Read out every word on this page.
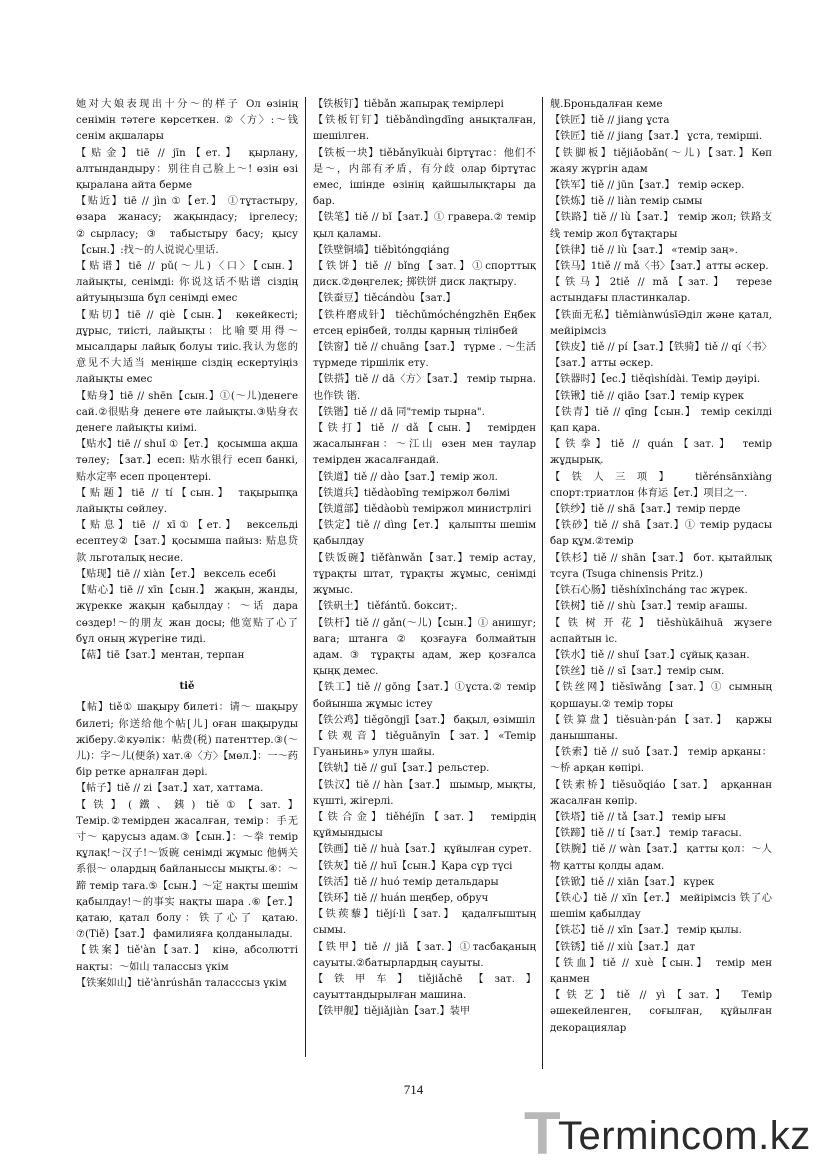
她对大娘表现出十分～的样子 Ол өзінің сенімін тәтеге көрсеткен. ②〈方〉:～钱 сенім ақшалары

【贴金】tiē // jīn【ет.】 қырлану, алтындандыру：别往自己脸上～! өзін өзі қыралана айта берме

【贴近】tiē // jìn ①【ет.】 ①тұтастыру, өзара жанасу; жақындасу; іргелесу; ②сырласу; ③ табыстыру басу; қысу【сын.】:找～的人说说心里话.

【贴谱】tiē // pǔ(～儿)〈口〉【сын.】 лайықты, сенімді: 你说这话不贴谱 сіздің айтуыңызша бұл сенімді емес

【贴切】tiē // qiè【сын.】 көкейкесті; дұрыс, тиісті, лайықты：比喻要用得～ мысалдары лайық болуы тиіс.我认为您的意见不大适当 меніңше сіздің ескертуіңіз лайықты емес

【贴身】tiē // shēn【сын.】①(～儿)денеге сай.②很贴身 денеге өте лайықты.③贴身衣 денеге лайықты киімі.

【贴水】tiē // shuǐ ①【ет.】 қосымша ақша төлеу; 【зат.】есеп: 贴水银行 есеп банкі, 贴水定率 есеп процентері.

【贴题】tiē // tí【сын.】 тақырыпқа лайықты сөйлеу.

【贴息】tiē // xī①【ет.】 вексельді есептеу②【зат.】қосымша пайыз: 贴息贷款 льготалық несие.

【贴现】tiē // xiàn【ет.】 вексель есебі

【贴心】tiē // xīn【сын.】 жақын, жанды, жүрекке жақын қабылдау：～话 дара сөздер!～的朋友 жан досы; 他宽贴了心了 бұл оның жүрегіне тиді.

【萜】tiē【зат.】ментан, терпан

tiě

【帖】tiě① шақыру билеті：请～ шақыру билеті; 你送给他个帖[儿] оған шақыруды жіберу.②куәлік：帖费(税) патенттер.③(～儿)：字～儿(便条) хат.④〈方〉【мөл.】：一～药 бір ретке арналған дәрі.

【帖子】tiě // zi【зат.】хат, хаттама.

【铁】(鐵、銕) tiě①【зат.】 Темір.②темірден жасалған, темір：手无寸～ қарусыз адам.③【сын.】：～拳 темір құлақ!～汉子!～饭碗 сенімді жұмыс 他俩关系很～ олардың байланыссы мықты.④：～蹄 темір таға.⑤【сын.】～定 нақты шешім қабылдау!～的事实 нақты шара .⑥【ет.】қатаю, қатал болу：铁了心了 қатаю. ⑦(Tiě)【зат.】 фамилияға қолданылады.

【铁案】tiě'àn【зат.】 кінә, абсолютті нақты：～如山 талассыз үкім

【铁案如山】tiě'ànrúshān таласссыз үкім

【铁板钉】tiěbǎn жапырақ темірлері

【铁板钉钉】tiěbǎndìngdīng анықталған, шешілген.

【铁板一块】tiěbǎnyīkuài біртұтас：他们不是～，内部有矛盾，有分歧 олар біртұтас емес, ішінде өзінің қайшылықтары да бар.

【铁笔】tiě // bǐ【зат.】① гравера.② темір қыл қаламы.

【铁壁铜墙】tiěbìtóngqiáng

【铁饼】tiě // bǐng【зат.】①спорттық диск.②дөңгелек; 掷铁饼 диск лақтыру.

【铁蚕豆】tiěcándòu【зат.】

【铁杵磨成针】 tiěchǔmóchéngzhēn Еңбек етсең ерінбей, толды қарның тілінбей

【铁窗】tiě // chuāng【зат.】 түрме . ～生活 түрмеде тіршілік ету.

【铁搭】tiě // dā〈方〉【зат.】 темір тырна.也作铁 锴.

【铁锴】tiě // dā 同"темір тырна".

【铁打】tiě // dǎ【сын.】 темірден жасалынған：～江山 өзен мен таулар темірден жасалғандай.

【铁道】tiě // dào【зат.】темір жол.

【铁道兵】tiědàobīng теміржол бөлімі

【铁道部】tiědàobù теміржол министрлігі

【铁定】tiě // dìng【ет.】 қалыпты шешім қабылдау

【铁饭碗】tiěfànwǎn【зат.】темір астау, тұрақты штат, тұрақты жұмыс, сенімді жұмыс.

【铁矾土】 tiěfántǔ. боксит;.

【铁杆】tiě // gǎn(～儿)【сын.】① анишуг; вага; штанга ② қозғауға болмайтын адам. ③ тұрақты адам, жер қозғалса қыңқ демес.

【铁工】tiě // gōng【зат.】①ұста.② темір бойынша жұмыс істеу

【铁公鸡】tiěgōngjī【зат.】 бақыл, өзімшіл

【铁观音】tiěguānyīn【зат.】«Temір Гуаньинь» улун шайы.

【铁轨】tiě // guǐ【зат.】рельстер.

【铁汉】tiě // hàn【зат.】 шымыр, мықты, күшті, жігерлі.

【铁合金】tiěhéjīn【зат.】 темірдің құймындысы

【铁画】tiě // huà【зат.】 құйылған сурет.

【铁灰】tiě // huī【сын.】Қара сұр түсі

【铁活】tiě // huó темір детальдары

【铁环】tiě // huán шеңбер, обруч

【铁蒺藜】tiějí·lì【зат.】 қадалғыштың сымы.

【铁甲】tiě // jiǎ【зат.】①тасбақаның сауыты.②батырлардың сауыты.

【铁甲车】tiějiǎchē【зат.】 сауыттандырылған машина.

【铁甲舰】tiějiǎjiàn【зат.】装甲

舰.Броньдалған кеме

【铁匠】tiě // jiang ұста

【铁匠】tiě // jiang【зат.】 ұста, темірші.

【铁脚板】tiějiǎobǎn(～儿)【зат.】Көп жаяу жүргін адам

【铁军】tiě // jūn【зат.】 темір әскер.

【铁炼】tiě // liàn темір сымы

【铁路】tiě // lù【зат.】 темір жол; 铁路支线 темір жол бұтақтары

【铁律】tiě // lù【зат.】 «темір заң».

【铁马】1tiě // mǎ〈书〉【зат.】атты әскер.

【铁马】2tiě // mǎ【зат.】 терезе астындағы пластинкалар.

【铁面无私】tiěmiànwúsīӘділ және қатал, мейірімсіз

【铁皮】tiě // pí【зат.】【铁骑】tiě // qí〈书〉【зат.】атты әскер.

【铁器时】【ес.】tiěqìshídài. Темір дәуірі.

【铁锹】tiě // qiāo【зат.】темір күрек

【铁青】tiě // qīng【сын.】 темір секілді қап қара.

【铁拳】tiě // quán【зат.】 темір жұдырық.

【铁人三项】 tiěrénsānxiàng спорт:триатлон 体育运【ет.】项目之一.

【铁纱】tiě // shā【зат.】темір перде

【铁砂】tiě // shā【зат.】① темір рудасы бар құм.②темір

【铁杉】tiě // shān【зат.】 бот. қытайлық тсуга (Tsuga chinensis Pritz.)

【铁石心肠】tiěshíxīncháng тас жүрек.

【铁树】tiě // shù【зат.】темір ағашы.

【铁树开花】tiěshùkāihuā жүзеге аспайтын іс.

【铁水】tiě // shuǐ【зат.】сұйық қазан.

【铁丝】tiě // sī【зат.】темір сым.

【铁丝网】tiěsīwǎng【зат.】① сымның қоршауы.② темір торы

【铁算盘】tiěsuàn·pán【зат.】 қаржы данышпаны.

【铁索】tiě // suǒ【зат.】 темір арқаны：～桥 арқан көпірі.

【铁索桥】tiěsuǒqiáo【зат.】 арқаннан жасалған көпір.

【铁塔】tiě // tǎ【зат.】 темір ығы

【铁蹄】tiě // tí【зат.】 темір тағасы.

【铁腕】tiě // wàn【зат.】 қатты қол：～人物 қатты қолды адам.

【铁锨】tiě // xiān【зат.】 күрек

【铁心】tiě // xīn【ет.】 мейірімсіз 铁了心 шешім қабылдау

【铁芯】tiě // xīn【зат.】 темір қылы.

【铁锈】tiě // xiù【зат.】 дат

【铁血】tiě // xuè【сын.】 темір мен қанмен

【铁艺】tiě // yì【зат.】 Темір әшекейленген, соғылған, құйылған декорациялар

714
T
Termincom.kz
